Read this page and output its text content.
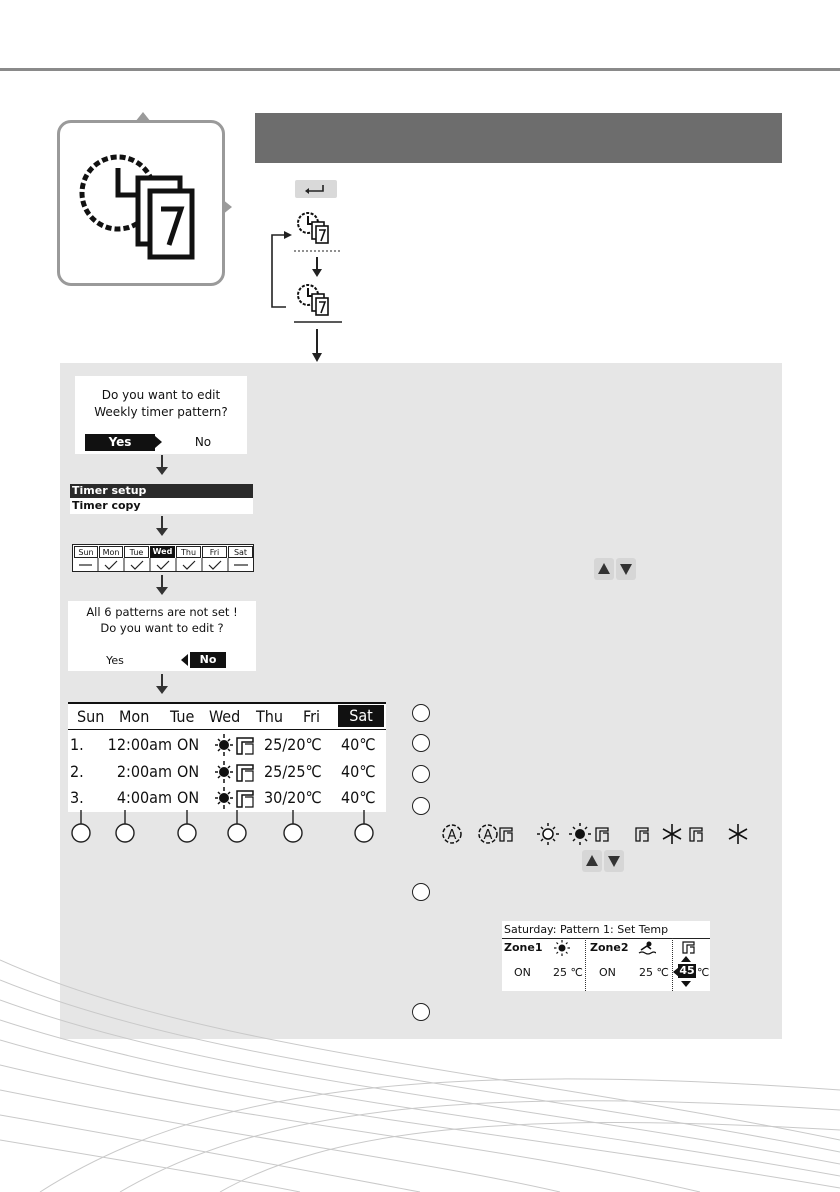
Do you want to edit
Weekly timer pattern?
Yes	No
Timer setup
Timer copy
Sun	Mon	Tue	Wed	Thu	Fri	Sat
All 6 patterns are not set !
Do you want to edit ?
Yes	No
Sun Mon Tue Wed Thu Fri	Sat
1.	12:00am ON	25/20℃ 40℃
2.	2:00am ON	25/25℃ 40℃
3.	4:00am ON	30/20℃ 40℃
A A
Saturday: Pattern 1: Set Temp
Zone1	Zone2
ON 25 ℃ ON 25 ℃ 45 ℃
